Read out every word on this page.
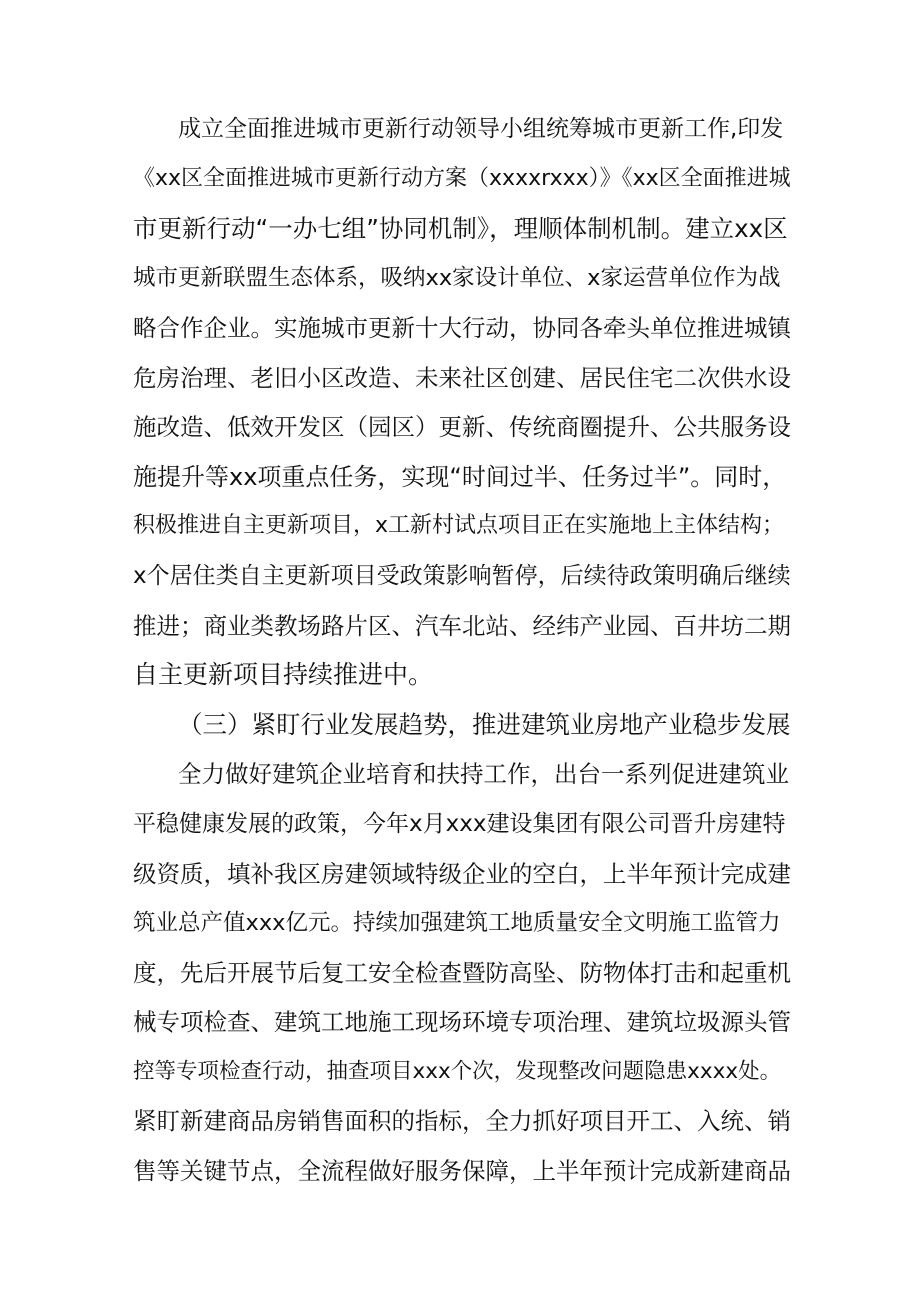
成立全面推进城市更新行动领导小组统筹城市更新工作,印发
《xx区全面推进城市更新行动方案（xxxxrxxx）》《xx区全面推进城
市更新行动“一办七组”协同机制》，理顺体制机制。建立xx区
城市更新联盟生态体系，吸纳xx家设计单位、x家运营单位作为战
略合作企业。实施城市更新十大行动，协同各牵头单位推进城镇
危房治理、老旧小区改造、未来社区创建、居民住宅二次供水设
施改造、低效开发区（园区）更新、传统商圈提升、公共服务设
施提升等xx项重点任务，实现“时间过半、任务过半”。同时，
积极推进自主更新项目，x工新村试点项目正在实施地上主体结构；
x个居住类自主更新项目受政策影响暂停，后续待政策明确后继续
推进；商业类教场路片区、汽车北站、经纬产业园、百井坊二期
自主更新项目持续推进中。
（三）紧盯行业发展趋势，推进建筑业房地产业稳步发展
全力做好建筑企业培育和扶持工作，出台一系列促进建筑业
平稳健康发展的政策，今年x月xxx建设集团有限公司晋升房建特
级资质，填补我区房建领域特级企业的空白，上半年预计完成建
筑业总产值xxx亿元。持续加强建筑工地质量安全文明施工监管力
度，先后开展节后复工安全检查暨防高坠、防物体打击和起重机
械专项检查、建筑工地施工现场环境专项治理、建筑垃圾源头管
控等专项检查行动，抽查项目xxx个次，发现整改问题隐患xxxx处。
紧盯新建商品房销售面积的指标，全力抓好项目开工、入统、销
售等关键节点，全流程做好服务保障，上半年预计完成新建商品
